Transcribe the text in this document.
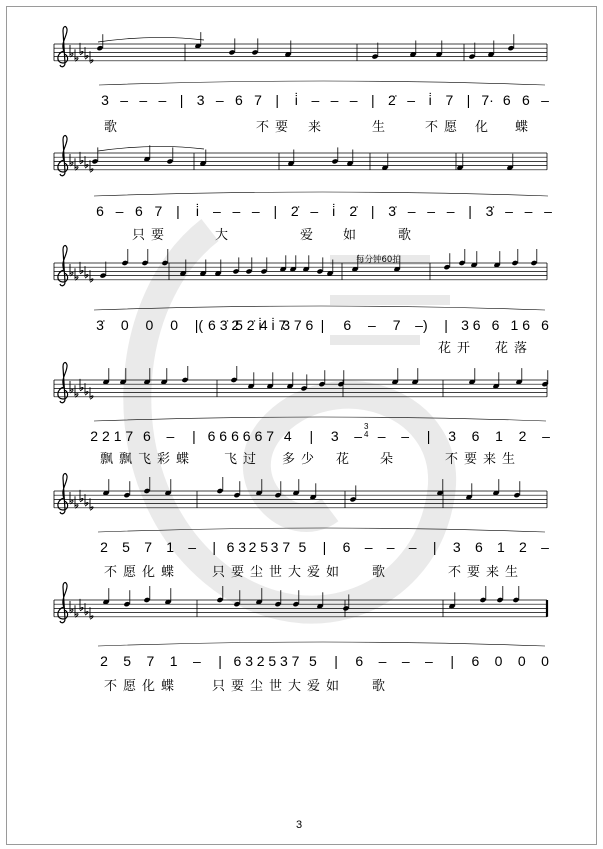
3 – – – | 3 – 6 7 | i̇ – – – | 2̇ – i̇ 7 | 7· 6 6 –
6 – 6 7 | i̇ – – – | 2̇ – i̇ 2̇ | 3̇ – – – | 3̇ – – –
3̇ 0 0 0 |( 6 3̇ 2̇
5 2̇ i̇
4 i̇ 7
3 7 6 | 6 – 7 –) | 3 6 6 1 6 6
2 2 1 7 6 – | 6 6 6 6 6 7 4 | 3 – – – | 3 6 1 2 –
3
4
2 5 7 1 – | 6 3 2 5 3 7 5 | 6 – – – | 3 6 1 2 –
2 5 7 1 – | 6 3 2 5 3 7 5 | 6 – – – | 6 0 0 0
歌	不要 来	生	不愿 化 蝶
只要	大	爱 如	歌
花开 花落
飘飘飞彩蝶 飞过 多少 花 朵	不要来生
不愿化蝶 只要尘世大爱如 歌	不要来生
不愿化蝶 只要尘世大爱如 歌
每分钟60拍
3
